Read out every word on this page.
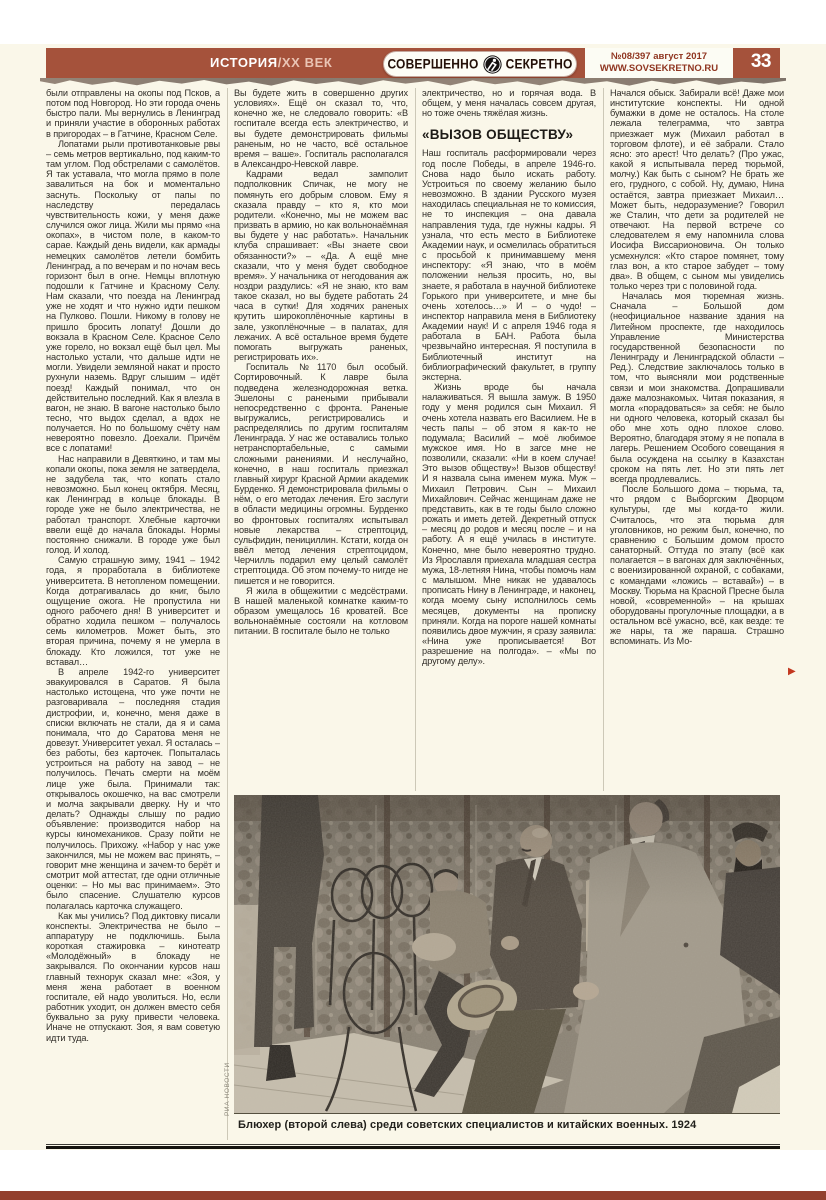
ИСТОРИЯ/XX ВЕК	СОВЕРШЕННО СЕКРЕТНО	№08/397 август 2017
WWW.SOVSEKRETNO.RU	33

были отправлены на окопы под Псков, а потом под Новгород. Но эти города очень быстро пали. Мы вернулись в Ленинград и приняли участие в оборонных работах в пригородах – в Гатчине, Красном Селе.

Лопатами рыли противотанковые рвы – семь метров вертикально, под каким-то там углом. Под обстрелами с самолётов. Я так уставала, что могла прямо в поле завалиться на бок и моментально заснуть. Поскольку от папы по наследству передалась чувствительность кожи, у меня даже случился ожог лица. Жили мы прямо «на окопах», в чистом поле, в каком-то сарае. Каждый день видели, как армады немецких самолётов летели бомбить Ленинград, а по вечерам и по ночам весь горизонт был в огне. Немцы вплотную подошли к Гатчине и Красному Селу. Нам сказали, что поезда на Ленинград уже не ходят и что нужно идти пешком на Пулково. Пошли. Никому в голову не пришло бросить лопату! Дошли до вокзала в Красном Селе. Красное Село уже горело, но вокзал ещё был цел. Мы настолько устали, что дальше идти не могли. Увидели земляной накат и просто рухнули наземь. Вдруг слышим – идёт поезд! Каждый понимал, что он действительно последний. Как я влезла в вагон, не знаю. В вагоне настолько было тесно, что выдох сделал, а вдох не получается. Но по большому счёту нам невероятно повезло. Доехали. Причём все с лопатами!

Нас направили в Девяткино, и там мы копали окопы, пока земля не затвердела, не задубела так, что копать стало невозможно. Был конец октября. Месяц, как Ленинград в кольце блокады. В городе уже не было электричества, не работал транспорт. Хлебные карточки ввели ещё до начала блокады. Нормы постоянно снижали. В городе уже был голод. И холод.

Самую страшную зиму, 1941 – 1942 года, я проработала в библиотеке университета. В нетопленом помещении. Когда дотрагивалась до книг, было ощущение ожога. Не пропустила ни одного рабочего дня! В университет и обратно ходила пешком – получалось семь километров. Может быть, это вторая причина, почему я не умерла в блокаду. Кто ложился, тот уже не вставал…

В апреле 1942-го университет эвакуировался в Саратов. Я была настолько истощена, что уже почти не разговаривала – последняя стадия дистрофии, и, конечно, меня даже в списки включать не стали, да я и сама понимала, что до Саратова меня не довезут. Университет уехал. Я осталась – без работы, без карточек. Попыталась устроиться на работу на завод – не получилось. Печать смерти на моём лице уже была. Принимали так: открывалось окошечко, на вас смотрели и молча закрывали дверку. Ну и что делать? Однажды слышу по радио объявление: производится набор на курсы киномехаников. Сразу пойти не получилось. Прихожу. «Набор у нас уже закончился, мы не можем вас принять, – говорит мне женщина и зачем-то берёт и смотрит мой аттестат, где одни отличные оценки: – Но мы вас принимаем». Это было спасение. Слушателю курсов полагалась карточка служащего.

Как мы учились? Под диктовку писали конспекты. Электричества не было – аппаратуру не подключишь. Была короткая стажировка – кинотеатр «Молодёжный» в блокаду не закрывался. По окончании курсов наш главный технорук сказал мне: «Зоя, у меня жена работает в военном госпитале, ей надо уволиться. Но, если работник уходит, он должен вместо себя буквально за руку привести человека. Иначе не отпускают. Зоя, я вам советую идти туда.

Вы будете жить в совершенно других условиях». Ещё он сказал то, что, конечно же, не следовало говорить: «В госпитале всегда есть электричество, и вы будете демонстрировать фильмы раненым, но не часто, всё остальное время – ваше». Госпиталь располагался в Александро-Невской лавре.

Кадрами ведал замполит подполковник Спичак, не могу не помянуть его добрым словом. Ему я сказала правду – кто я, кто мои родители. «Конечно, мы не можем вас призвать в армию, но как вольнонаёмная вы будете у нас работать». Начальник клуба спрашивает: «Вы знаете свои обязанности?» – «Да. А ещё мне сказали, что у меня будет свободное время». У начальника от негодования аж ноздри раздулись: «Я не знаю, кто вам такое сказал, но вы будете работать 24 часа в сутки! Для ходячих раненых крутить широкоплёночные картины в зале, узкоплёночные – в палатах, для лежачих. А всё остальное время будете помогать выгружать раненых, регистрировать их».

Госпиталь №1170 был особый. Сортировочный. К лавре была подведена железнодорожная ветка. Эшелоны с ранеными прибывали непосредственно с фронта. Раненые выгружались, регистрировались и распределялись по другим госпиталям Ленинграда. У нас же оставались только нетранспортабельные, с самыми сложными ранениями. И неслучайно, конечно, в наш госпиталь приезжал главный хирург Красной Армии академик Бурденко. Я демонстрировала фильмы о нём, о его методах лечения. Его заслуги в области медицины огромны. Бурденко во фронтовых госпиталях испытывал новые лекарства – стрептоцид, сульфидин, пенициллин. Кстати, когда он ввёл метод лечения стрептоцидом, Черчилль подарил ему целый самолёт стрептоцида. Об этом почему-то нигде не пишется и не говорится.

Я жила в общежитии с медсёстрами. В нашей маленькой комнатке каким-то образом умещалось 16 кроватей. Все вольнонаёмные состояли на котловом питании. В госпитале было не только

электричество, но и горячая вода. В общем, у меня началась совсем другая, но тоже очень тяжёлая жизнь.

«ВЫЗОВ ОБЩЕСТВУ»

Наш госпиталь расформировали через год после Победы, в апреле 1946-го. Снова надо было искать работу. Устроиться по своему желанию было невозможно. В здании Русского музея находилась специальная не то комиссия, не то инспекция – она давала направления туда, где нужны кадры. Я узнала, что есть место в Библиотеке Академии наук, и осмелилась обратиться с просьбой к принимавшему меня инспектору: «Я знаю, что в моём положении нельзя просить, но, вы знаете, я работала в научной библиотеке Горького при университете, и мне бы очень хотелось…» И – о чудо! – инспектор направила меня в Библиотеку Академии наук! И с апреля 1946 года я работала в БАН. Работа была чрезвычайно интересная. Я поступила в Библиотечный институт на библиографический факультет, в группу экстерна.

Жизнь вроде бы начала налаживаться. Я вышла замуж. В 1950 году у меня родился сын Михаил. Я очень хотела назвать его Василием. Не в честь папы – об этом я как-то не подумала; Василий – моё любимое мужское имя. Но в загсе мне не позволили, сказали: «Ни в коем случае! Это вызов обществу»! Вызов обществу! И я назвала сына именем мужа. Муж – Михаил Петрович. Сын – Михаил Михайлович. Сейчас женщинам даже не представить, как в те годы было сложно рожать и иметь детей. Декретный отпуск – месяц до родов и месяц после – и на работу. А я ещё училась в институте. Конечно, мне было невероятно трудно. Из Ярославля приехала младшая сестра мужа, 18-летняя Нина, чтобы помочь нам с малышом. Мне никак не удавалось прописать Нину в Ленинграде, и наконец, когда моему сыну исполнилось семь месяцев, документы на прописку приняли. Когда на пороге нашей комнаты появились двое мужчин, я сразу заявила: «Нина уже прописывается! Вот разрешение на полгода». – «Мы по другому делу».

Начался обыск. Забирали всё! Даже мои институтские конспекты. Ни одной бумажки в доме не осталось. На столе лежала телеграмма, что завтра приезжает муж (Михаил работал в торговом флоте), и её забрали. Стало ясно: это арест! Что делать? (Про ужас, какой я испытывала перед тюрьмой, молчу.) Как быть с сыном? Не брать же его, грудного, с собой. Ну, думаю, Нина остаётся, завтра приезжает Михаил… Может быть, недоразумение? Говорил же Сталин, что дети за родителей не отвечают. На первой встрече со следователем я ему напомнила слова Иосифа Виссарионовича. Он только усмехнулся: «Кто старое помянет, тому глаз вон, а кто старое забудет – тому два». В общем, с сыном мы увиделись только через три с половиной года.

Началась моя тюремная жизнь. Сначала – Большой дом (неофициальное название здания на Литейном проспекте, где находилось Управление Министерства государственной безопасности по Ленинграду и Ленинградской области – Ред.). Следствие заключалось только в том, что выясняли мои родственные связи и мои знакомства. Допрашивали даже малознакомых. Читая показания, я могла «порадоваться» за себя: не было ни одного человека, который сказал бы обо мне хоть одно плохое слово. Вероятно, благодаря этому я не попала в лагерь. Решением Особого совещания я была осуждена на ссылку в Казахстан сроком на пять лет. Но эти пять лет всегда продлевались.

После Большого дома – тюрьма, та, что рядом с Выборгским Дворцом культуры, где мы когда-то жили. Считалось, что эта тюрьма для уголовников, но режим был, конечно, по сравнению с Большим домом просто санаторный. Оттуда по этапу (всё как полагается – в вагонах для заключённых, с военизированной охраной, с собаками, с командами «ложись – вставай») – в Москву. Тюрьма на Красной Пресне была новой, «современной» – на крышах оборудованы прогулочные площадки, а в остальном всё ужасно, всё, как везде: те же нары, та же параша. Страшно вспоминать. Из Мо-

▶
РИА НОВОСТИ
Блюхер (второй слева) среди советских специалистов и китайских военных. 1924
